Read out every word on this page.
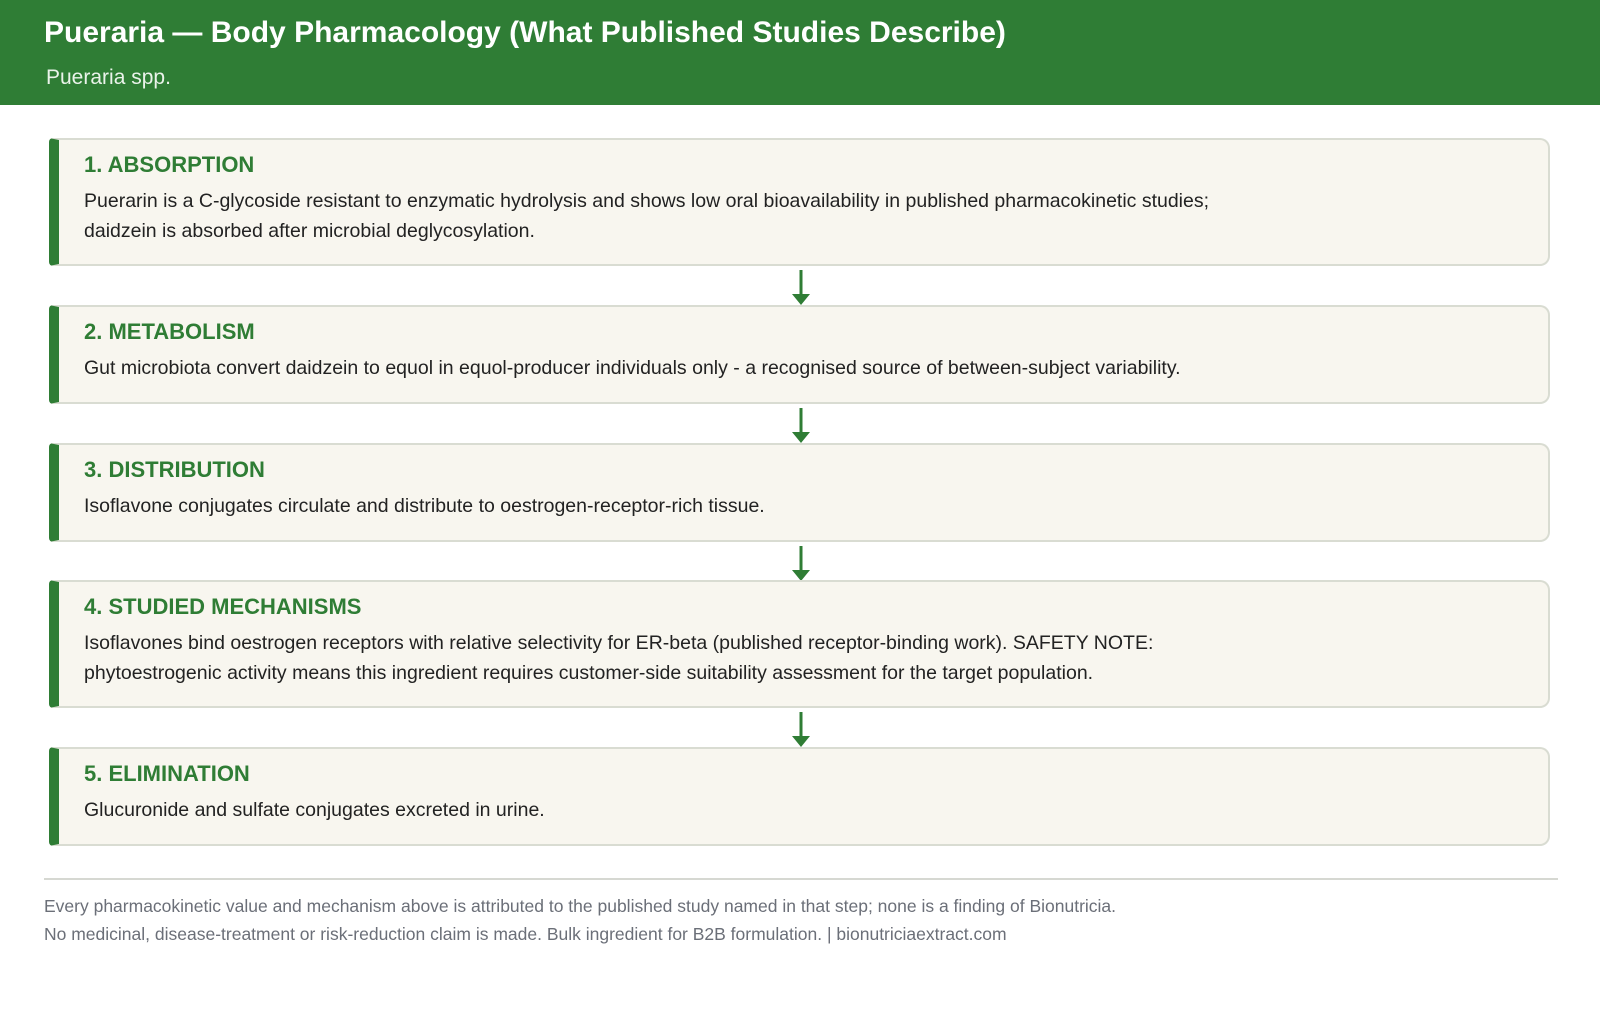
Pueraria — Body Pharmacology (What Published Studies Describe)
Pueraria spp.
1. ABSORPTION
Puerarin is a C-glycoside resistant to enzymatic hydrolysis and shows low oral bioavailability in published pharmacokinetic studies;
daidzein is absorbed after microbial deglycosylation.
2. METABOLISM
Gut microbiota convert daidzein to equol in equol-producer individuals only - a recognised source of between-subject variability.
3. DISTRIBUTION
Isoflavone conjugates circulate and distribute to oestrogen-receptor-rich tissue.
4. STUDIED MECHANISMS
Isoflavones bind oestrogen receptors with relative selectivity for ER-beta (published receptor-binding work). SAFETY NOTE:
phytoestrogenic activity means this ingredient requires customer-side suitability assessment for the target population.
5. ELIMINATION
Glucuronide and sulfate conjugates excreted in urine.
Every pharmacokinetic value and mechanism above is attributed to the published study named in that step; none is a finding of Bionutricia.
No medicinal, disease-treatment or risk-reduction claim is made. Bulk ingredient for B2B formulation. | bionutriciaextract.com
